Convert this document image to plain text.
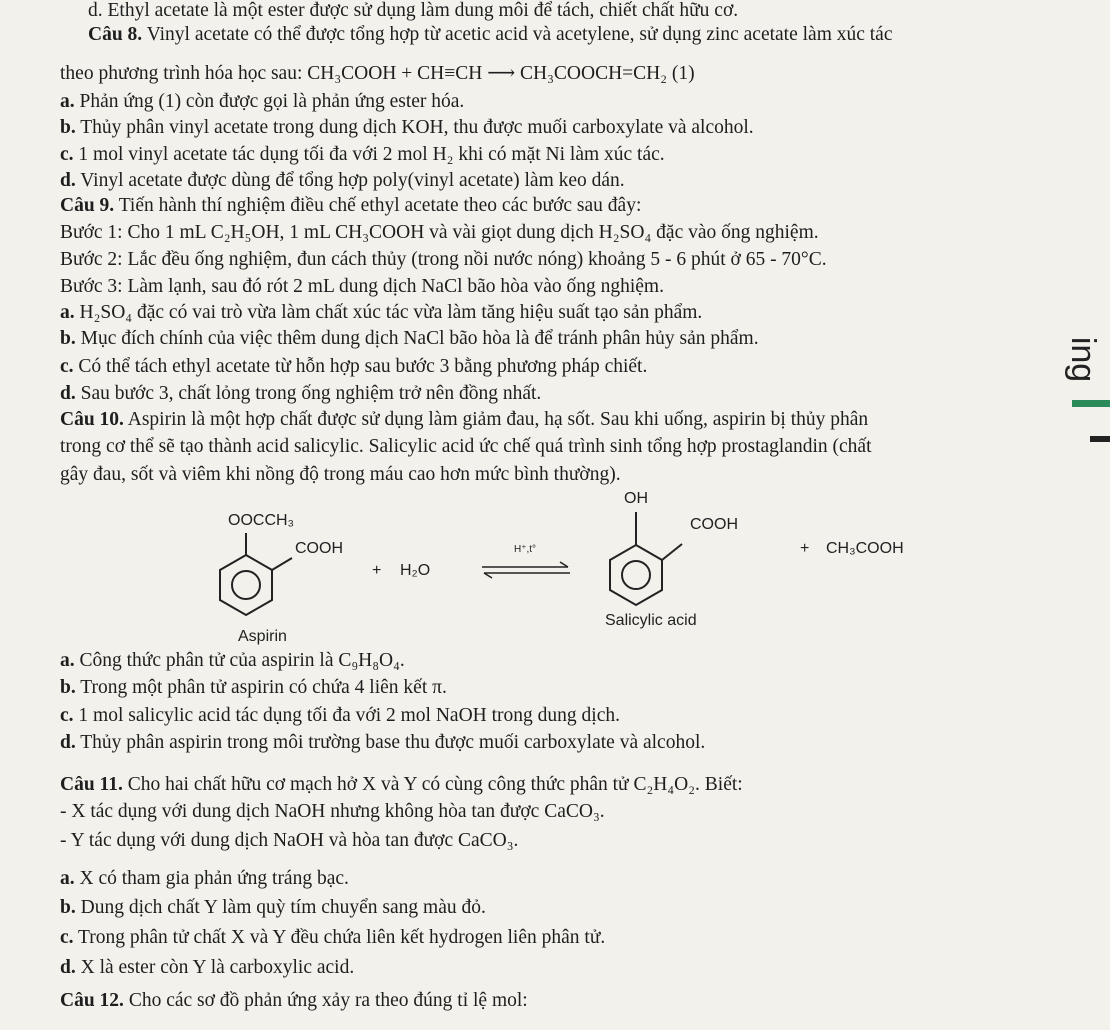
d. Ethyl acetate là một ester được sử dụng làm dung môi để tách, chiết chất hữu cơ.
Câu 8. Vinyl acetate có thể được tổng hợp từ acetic acid và acetylene, sử dụng zinc acetate làm xúc tác
theo phương trình hóa học sau: CH₃COOH + CH≡CH ⟶ CH₃COOCH=CH₂ (1)
a. Phản ứng (1) còn được gọi là phản ứng ester hóa.
b. Thủy phân vinyl acetate trong dung dịch KOH, thu được muối carboxylate và alcohol.
c. 1 mol vinyl acetate tác dụng tối đa với 2 mol H₂ khi có mặt Ni làm xúc tác.
d. Vinyl acetate được dùng để tổng hợp poly(vinyl acetate) làm keo dán.
Câu 9. Tiến hành thí nghiệm điều chế ethyl acetate theo các bước sau đây:
Bước 1: Cho 1 mL C₂H₅OH, 1 mL CH₃COOH và vài giọt dung dịch H₂SO₄ đặc vào ống nghiệm.
Bước 2: Lắc đều ống nghiệm, đun cách thủy (trong nồi nước nóng) khoảng 5 - 6 phút ở 65 - 70°C.
Bước 3: Làm lạnh, sau đó rót 2 mL dung dịch NaCl bão hòa vào ống nghiệm.
a. H₂SO₄ đặc có vai trò vừa làm chất xúc tác vừa làm tăng hiệu suất tạo sản phẩm.
b. Mục đích chính của việc thêm dung dịch NaCl bão hòa là để tránh phân hủy sản phẩm.
c. Có thể tách ethyl acetate từ hỗn hợp sau bước 3 bằng phương pháp chiết.
d. Sau bước 3, chất lỏng trong ống nghiệm trở nên đồng nhất.
Câu 10. Aspirin là một hợp chất được sử dụng làm giảm đau, hạ sốt. Sau khi uống, aspirin bị thủy phân
trong cơ thể sẽ tạo thành acid salicylic. Salicylic acid ức chế quá trình sinh tổng hợp prostaglandin (chất
gây đau, sốt và viêm khi nồng độ trong máu cao hơn mức bình thường).
OOCCH₃
COOH
+ H₂O
H⁺,t°
OH
COOH
+ CH₃COOH
Aspirin
Salicylic acid
a. Công thức phân tử của aspirin là C₉H₈O₄.
b. Trong một phân tử aspirin có chứa 4 liên kết π.
c. 1 mol salicylic acid tác dụng tối đa với 2 mol NaOH trong dung dịch.
d. Thủy phân aspirin trong môi trường base thu được muối carboxylate và alcohol.
Câu 11. Cho hai chất hữu cơ mạch hở X và Y có cùng công thức phân tử C₂H₄O₂. Biết:
- X tác dụng với dung dịch NaOH nhưng không hòa tan được CaCO₃.
- Y tác dụng với dung dịch NaOH và hòa tan được CaCO₃.
a. X có tham gia phản ứng tráng bạc.
b. Dung dịch chất Y làm quỳ tím chuyển sang màu đỏ.
c. Trong phân tử chất X và Y đều chứa liên kết hydrogen liên phân tử.
d. X là ester còn Y là carboxylic acid.
Câu 12. Cho các sơ đồ phản ứng xảy ra theo đúng tỉ lệ mol:
ing
